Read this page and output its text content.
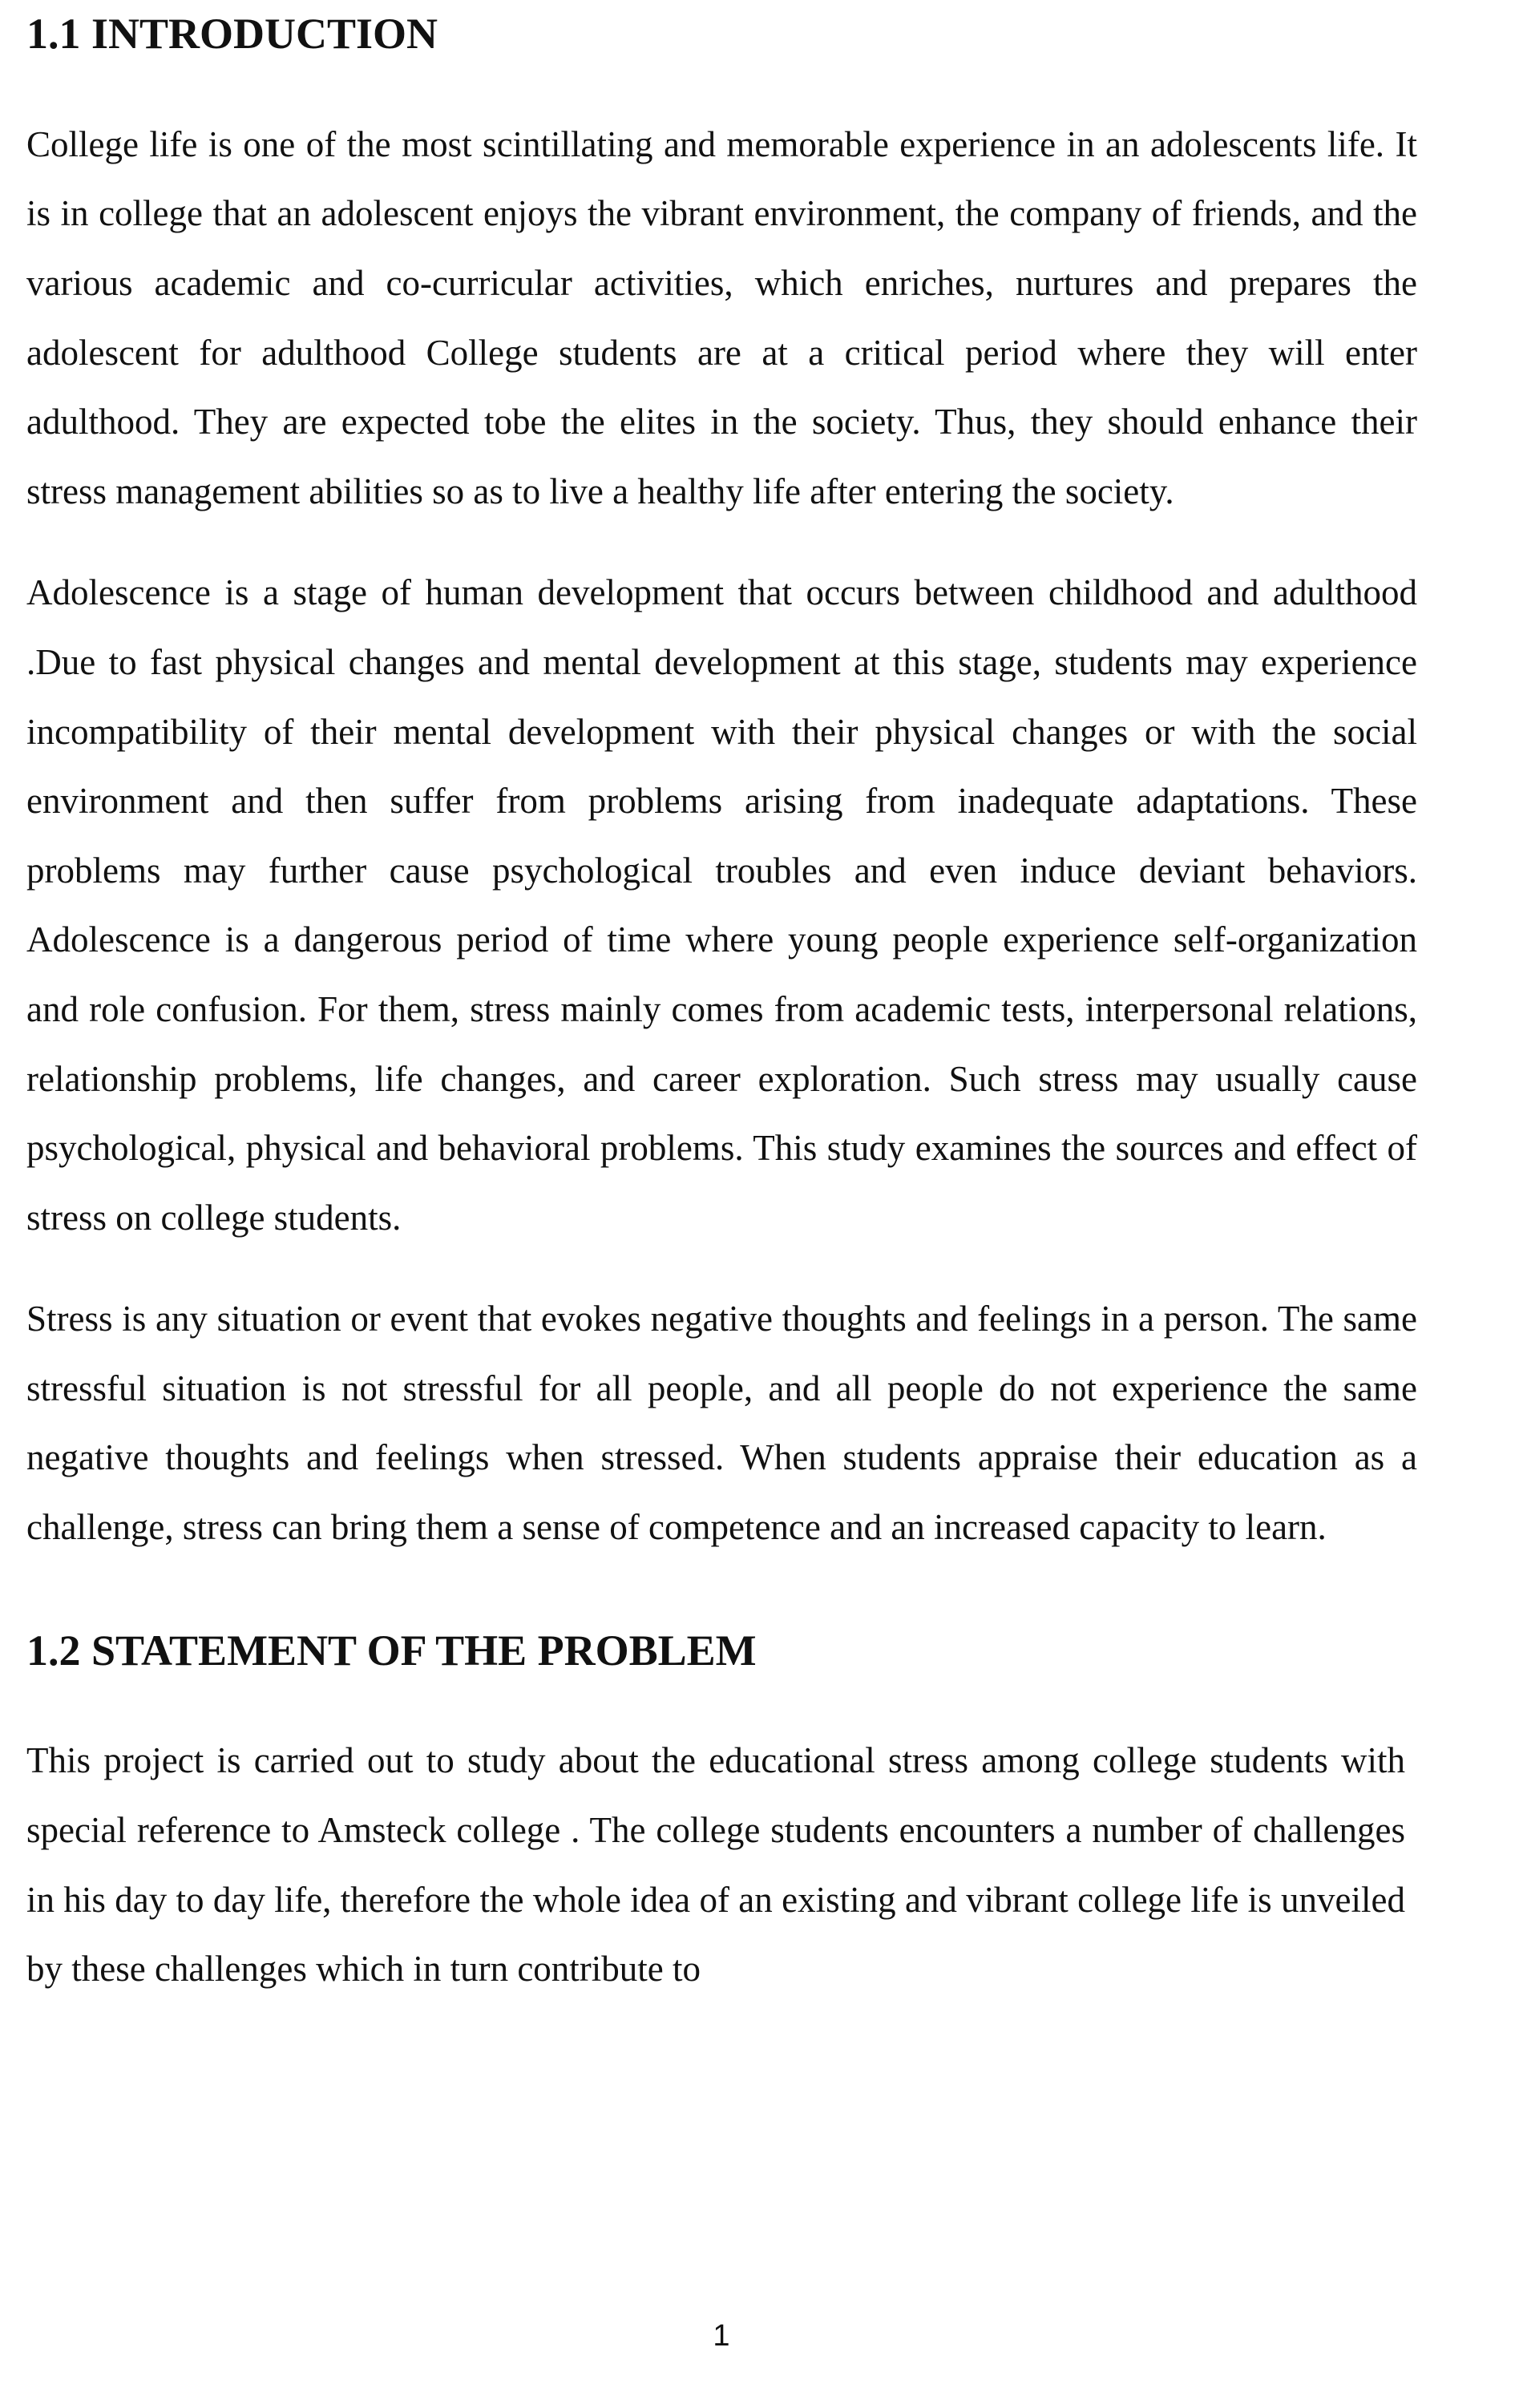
1.1 INTRODUCTION

College life is one of the most scintillating and memorable experience in an adolescents life. It is in college that an adolescent enjoys the vibrant environment, the company of friends, and the various academic and co-curricular activities, which enriches, nurtures and prepares the adolescent for adulthood College students are at a critical period where they will enter adulthood. They are expected tobe the elites in the society. Thus, they should enhance their stress management abilities so as to live a healthy life after entering the society.

Adolescence is a stage of human development that occurs between childhood and adulthood .Due to fast physical changes and mental development at this stage, students may experience incompatibility of their mental development with their physical changes or with the social environment and then suffer from problems arising from inadequate adaptations. These problems may further cause psychological troubles and even induce deviant behaviors. Adolescence is a dangerous period of time where young people experience self-organization and role confusion. For them, stress mainly comes from academic tests, interpersonal relations, relationship problems, life changes, and career exploration. Such stress may usually cause psychological, physical and behavioral problems. This study examines the sources and effect of stress on college students.

Stress is any situation or event that evokes negative thoughts and feelings in a person. The same stressful situation is not stressful for all people, and all people do not experience the same negative thoughts and feelings when stressed. When students appraise their education as a challenge, stress can bring them a sense of competence and an increased capacity to learn.

1.2 STATEMENT OF THE PROBLEM

This project is carried out to study about the educational stress among college students with special reference to Amsteck college . The college students encounters a number of challenges in his day to day life, therefore the whole idea of an existing and vibrant college life is unveiled by these challenges which in turn contribute to

1
